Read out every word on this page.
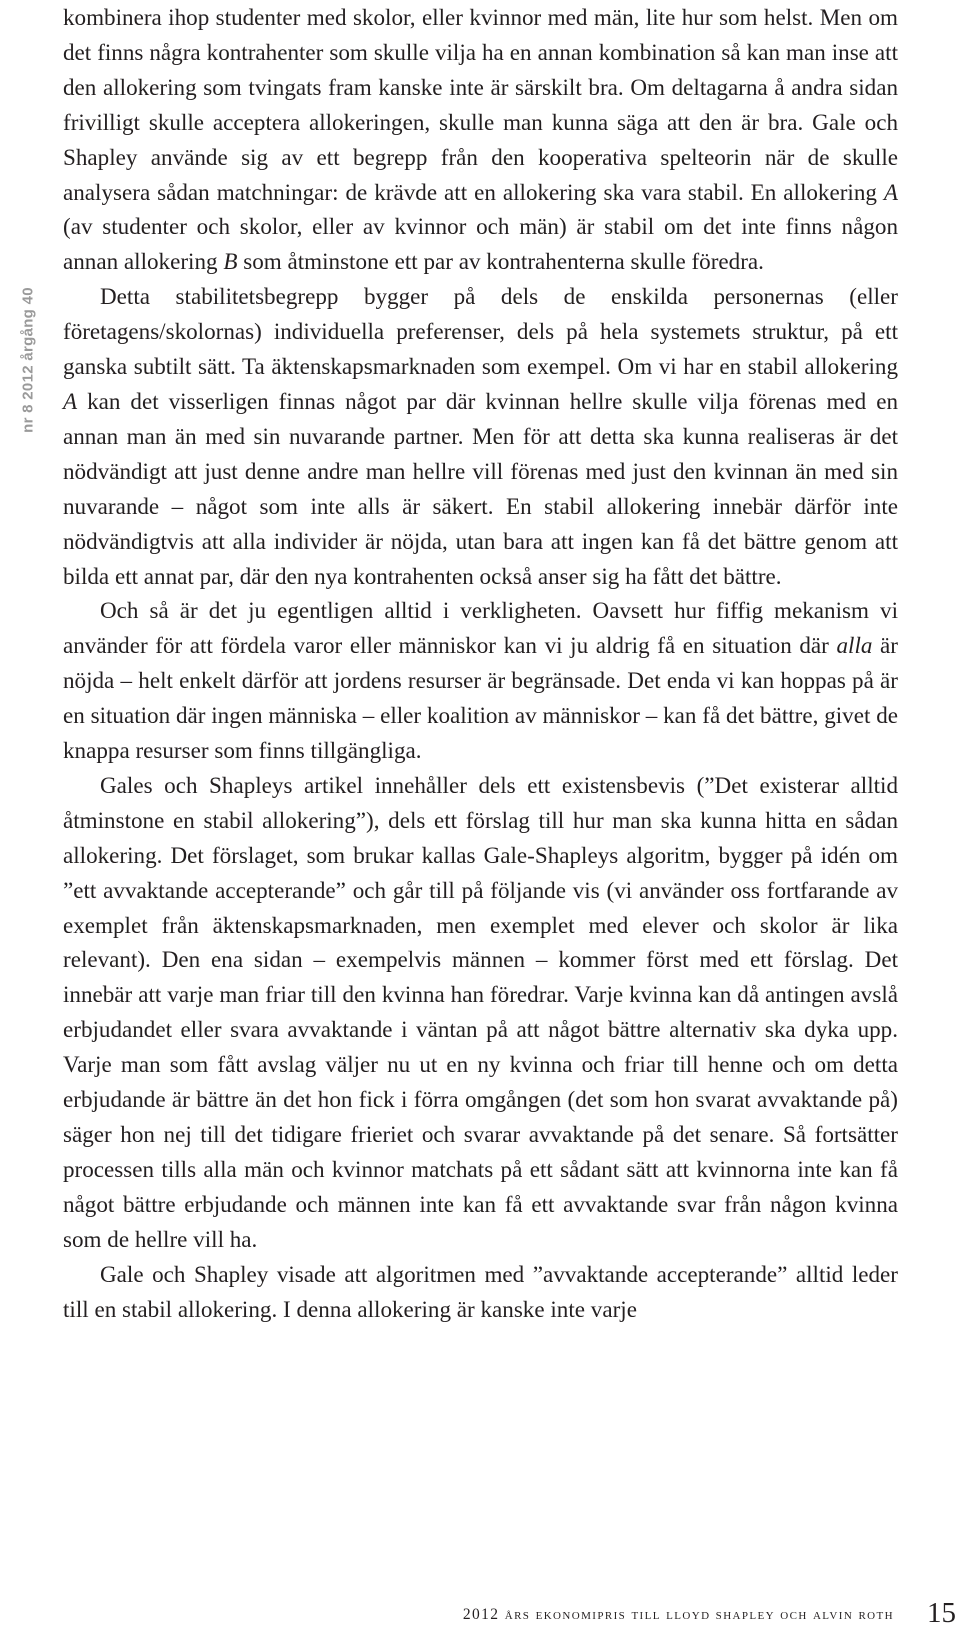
nr 8 2012 årgång 40

kombinera ihop studenter med skolor, eller kvinnor med män, lite hur som helst. Men om det finns några kontrahenter som skulle vilja ha en annan kombination så kan man inse att den allokering som tvingats fram kanske inte är särskilt bra. Om deltagarna å andra sidan frivilligt skulle acceptera allokeringen, skulle man kunna säga att den är bra. Gale och Shapley använde sig av ett begrepp från den kooperativa spelteorin när de skulle analysera sådan matchningar: de krävde att en allokering ska vara stabil. En allokering A (av studenter och skolor, eller av kvinnor och män) är stabil om det inte finns någon annan allokering B som åtminstone ett par av kontrahenterna skulle föredra.

Detta stabilitetsbegrepp bygger på dels de enskilda personernas (eller företagens/skolornas) individuella preferenser, dels på hela systemets struktur, på ett ganska subtilt sätt. Ta äktenskapsmarknaden som exempel. Om vi har en stabil allokering A kan det visserligen finnas något par där kvinnan hellre skulle vilja förenas med en annan man än med sin nuvarande partner. Men för att detta ska kunna realiseras är det nödvändigt att just denne andre man hellre vill förenas med just den kvinnan än med sin nuvarande – något som inte alls är säkert. En stabil allokering innebär därför inte nödvändigtvis att alla individer är nöjda, utan bara att ingen kan få det bättre genom att bilda ett annat par, där den nya kontrahenten också anser sig ha fått det bättre.

Och så är det ju egentligen alltid i verkligheten. Oavsett hur fiffig mekanism vi använder för att fördela varor eller människor kan vi ju aldrig få en situation där alla är nöjda – helt enkelt därför att jordens resurser är begränsade. Det enda vi kan hoppas på är en situation där ingen människa – eller koalition av människor – kan få det bättre, givet de knappa resurser som finns tillgängliga.

Gales och Shapleys artikel innehåller dels ett existensbevis (”Det existerar alltid åtminstone en stabil allokering”), dels ett förslag till hur man ska kunna hitta en sådan allokering. Det förslaget, som brukar kallas Gale-Shapleys algoritm, bygger på idén om ”ett avvaktande accepterande” och går till på följande vis (vi använder oss fortfarande av exemplet från äktenskapsmarknaden, men exemplet med elever och skolor är lika relevant). Den ena sidan – exempelvis männen – kommer först med ett förslag. Det innebär att varje man friar till den kvinna han föredrar. Varje kvinna kan då antingen avslå erbjudandet eller svara avvaktande i väntan på att något bättre alternativ ska dyka upp. Varje man som fått avslag väljer nu ut en ny kvinna och friar till henne och om detta erbjudande är bättre än det hon fick i förra omgången (det som hon svarat avvaktande på) säger hon nej till det tidigare frieriet och svarar avvaktande på det senare. Så fortsätter processen tills alla män och kvinnor matchats på ett sådant sätt att kvinnorna inte kan få något bättre erbjudande och männen inte kan få ett avvaktande svar från någon kvinna som de hellre vill ha.

Gale och Shapley visade att algoritmen med ”avvaktande accepterande” alltid leder till en stabil allokering. I denna allokering är kanske inte varje

2012 års ekonomipris till lloyd shapley och alvin roth 15
